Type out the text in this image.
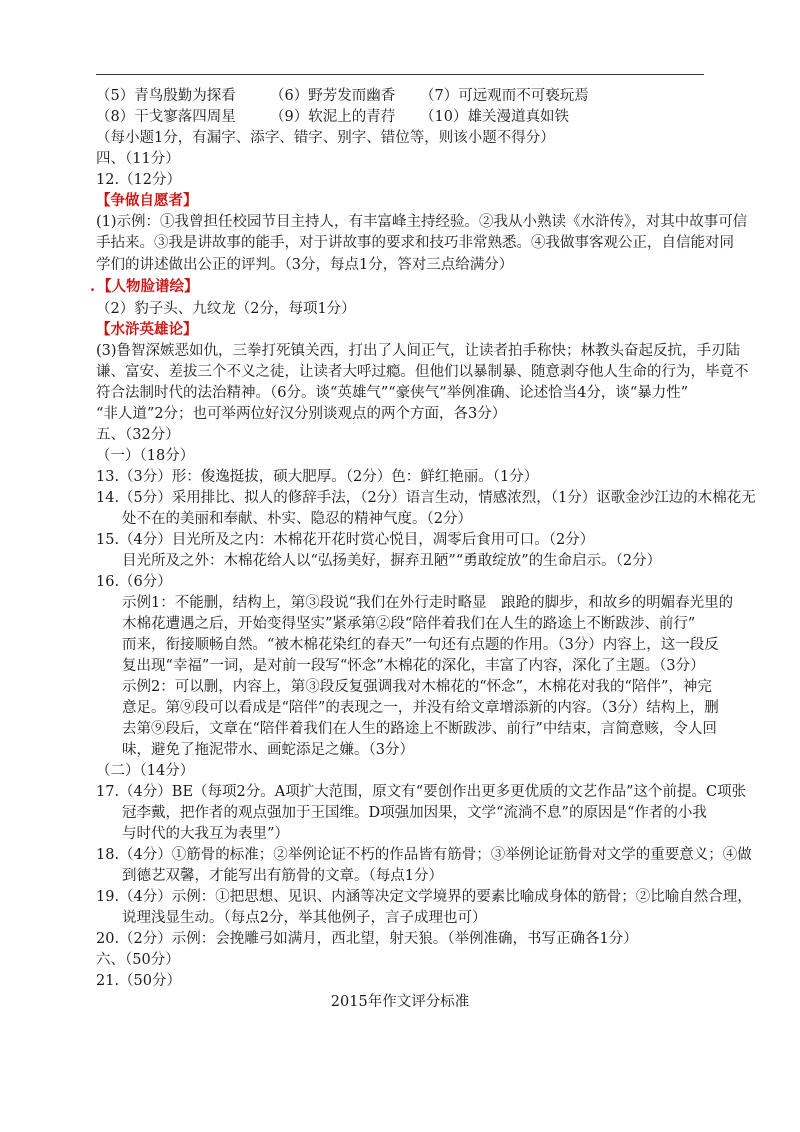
（5）青鸟殷勤为探看 （6）野芳发而幽香 （7）可远观而不可亵玩焉
（8）干戈寥落四周星 （9）软泥上的青荇 （10）雄关漫道真如铁
（每小题1分，有漏字、添字、错字、别字、错位等，则该小题不得分）
四、（11分）
12.（12分）
【争做自愿者】
(1)示例：①我曾担任校园节目主持人，有丰富峰主持经验。②我从小熟读《水浒传》，对其中故事可信
手拈来。③我是讲故事的能手，对于讲故事的要求和技巧非常熟悉。④我做事客观公正，自信能对同
学们的讲述做出公正的评判。（3分，每点1分，答对三点给满分）
. 【人物脸谱绘】
（2）豹子头、九纹龙（2分，每项1分）
【水浒英雄论】
(3)鲁智深嫉恶如仇，三拳打死镇关西，打出了人间正气，让读者拍手称快；林教头奋起反抗，手刃陆
谦、富安、差拔三个不义之徒，让读者大呼过瘾。但他们以暴制暴、随意剥夺他人生命的行为，毕竟不
符合法制时代的法治精神。（6分。谈“英雄气”“豪侠气”举例准确、论述恰当4分，谈“暴力性”
“非人道”2分；也可举两位好汉分别谈观点的两个方面，各3分）
五、（32分）
（一）（18分）
13.（3分）形：俊逸挺拔，硕大肥厚。（2分）色：鲜红艳丽。（1分）
14.（5分）采用排比、拟人的修辞手法，（2分）语言生动，情感浓烈，（1分）讴歌金沙江边的木棉花无
处不在的美丽和奉献、朴实、隐忍的精神气度。（2分）
15.（4分）目光所及之内：木棉花开花时赏心悦目，凋零后食用可口。（2分）
目光所及之外：木棉花给人以“弘扬美好，摒弃丑陋”“勇敢绽放”的生命启示。（2分）
16.（6分）
示例1：不能删，结构上，第③段说“我们在外行走时略显　踉跄的脚步，和故乡的明媚春光里的
木棉花遭遇之后，开始变得坚实”紧承第②段“陪伴着我们在人生的路途上不断跋涉、前行”
而来，衔接顺畅自然。“被木棉花染红的春天”一句还有点题的作用。（3分）内容上，这一段反
复出现“幸福”一词，是对前一段写“怀念”木棉花的深化，丰富了内容，深化了主题。（3分）
示例2：可以删，内容上，第③段反复强调我对木棉花的“怀念”，木棉花对我的“陪伴”，神完
意足。第⑨段可以看成是“陪伴”的表现之一，并没有给文章增添新的内容。（3分）结构上，删
去第⑨段后，文章在“陪伴着我们在人生的路途上不断跋涉、前行”中结束，言简意赅，令人回
味，避免了拖泥带水、画蛇添足之嫌。（3分）
（二）（14分）
17.（4分）BE（每项2分。A项扩大范围，原文有“要创作出更多更优质的文艺作品”这个前提。C项张
冠李戴，把作者的观点强加于王国维。D项强加因果，文学“流淌不息”的原因是“作者的小我
与时代的大我互为表里”）
18.（4分）①筋骨的标准；②举例论证不朽的作品皆有筋骨；③举例论证筋骨对文学的重要意义；④做
到德艺双馨，才能写出有筋骨的文章。（每点1分）
19.（4分）示例：①把思想、见识、内涵等决定文学境界的要素比喻成身体的筋骨；②比喻自然合理，
说理浅显生动。（每点2分，举其他例子，言子成理也可）
20.（2分）示例：会挽雕弓如满月，西北望，射天狼。（举例准确，书写正确各1分）
六、（50分）
21.（50分）
2015年作文评分标准
